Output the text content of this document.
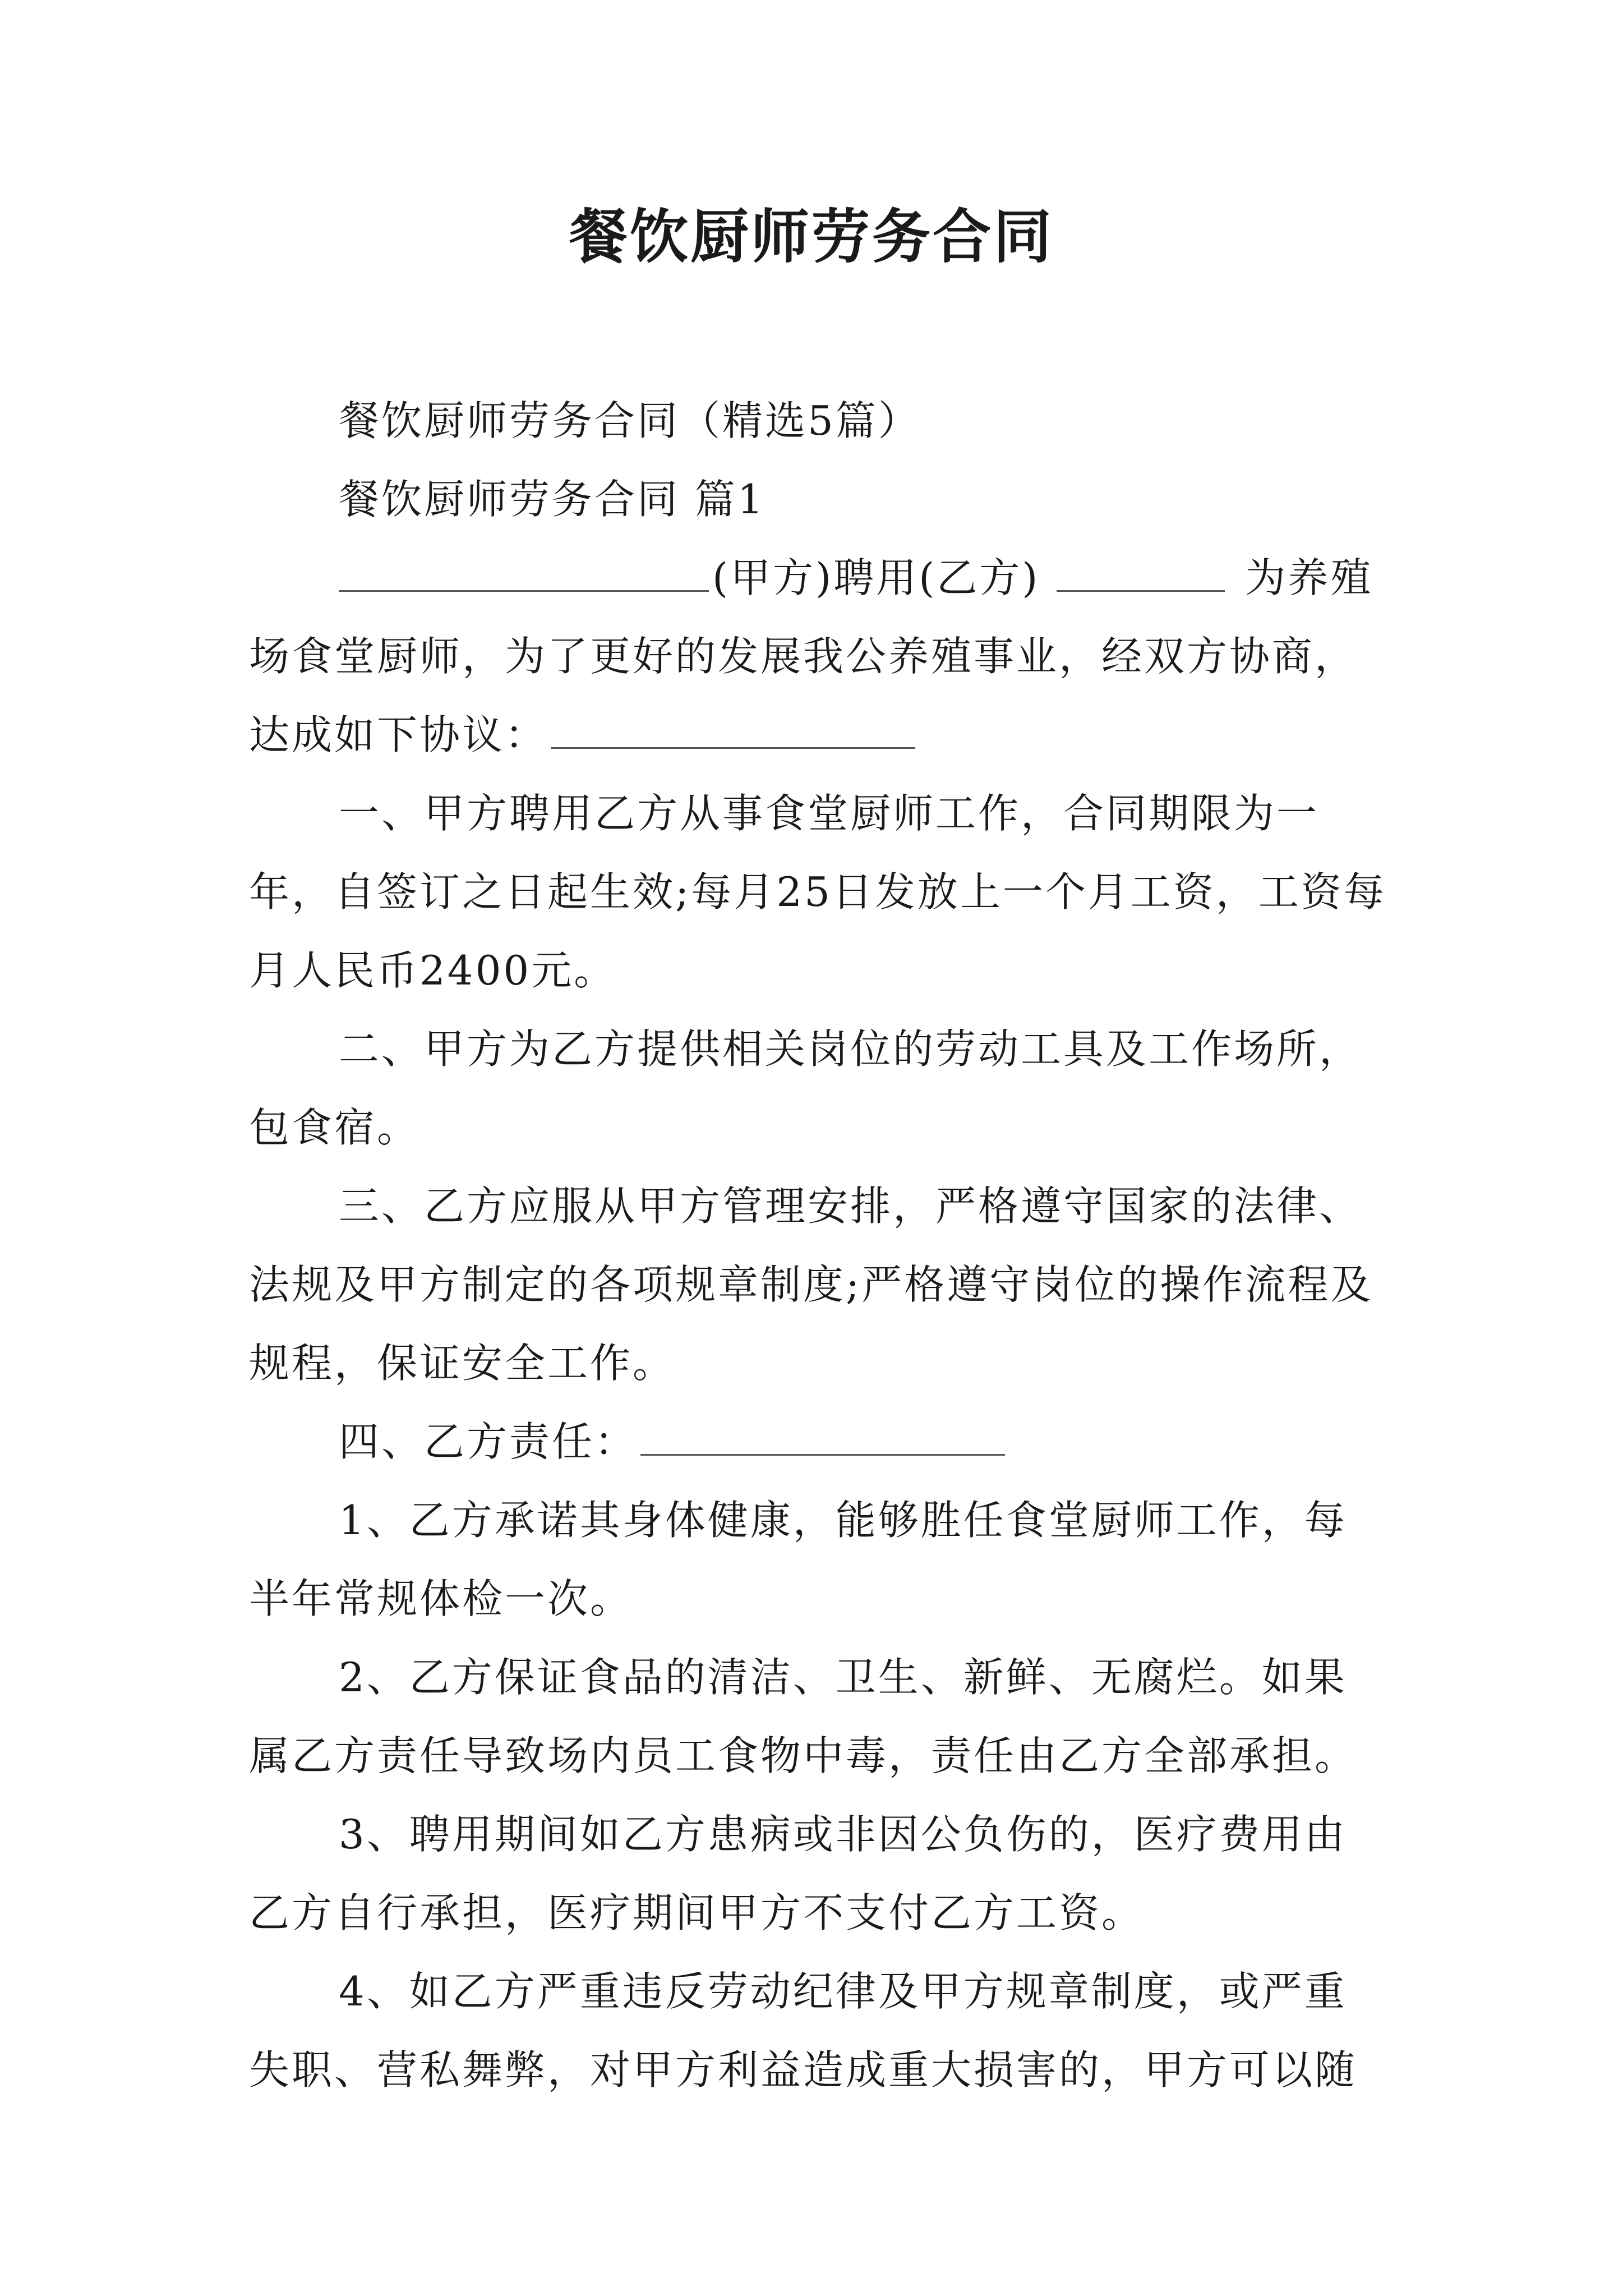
餐饮厨师劳务合同

餐饮厨师劳务合同（精选5篇）

餐饮厨师劳务合同 篇1

(甲方)聘用(乙方)	为养殖场食堂厨师，为了更好的发展我公养殖事业，经双方协商，达成如下协议：

一、甲方聘用乙方从事食堂厨师工作，合同期限为一年，自签订之日起生效;每月25日发放上一个月工资，工资每月人民币2400元。

二、甲方为乙方提供相关岗位的劳动工具及工作场所，包食宿。

三、乙方应服从甲方管理安排，严格遵守国家的法律、法规及甲方制定的各项规章制度;严格遵守岗位的操作流程及规程，保证安全工作。

四、乙方责任：

1、乙方承诺其身体健康，能够胜任食堂厨师工作，每半年常规体检一次。

2、乙方保证食品的清洁、卫生、新鲜、无腐烂。如果属乙方责任导致场内员工食物中毒，责任由乙方全部承担。

3、聘用期间如乙方患病或非因公负伤的，医疗费用由乙方自行承担，医疗期间甲方不支付乙方工资。

4、如乙方严重违反劳动纪律及甲方规章制度，或严重失职、营私舞弊，对甲方利益造成重大损害的，甲方可以随
